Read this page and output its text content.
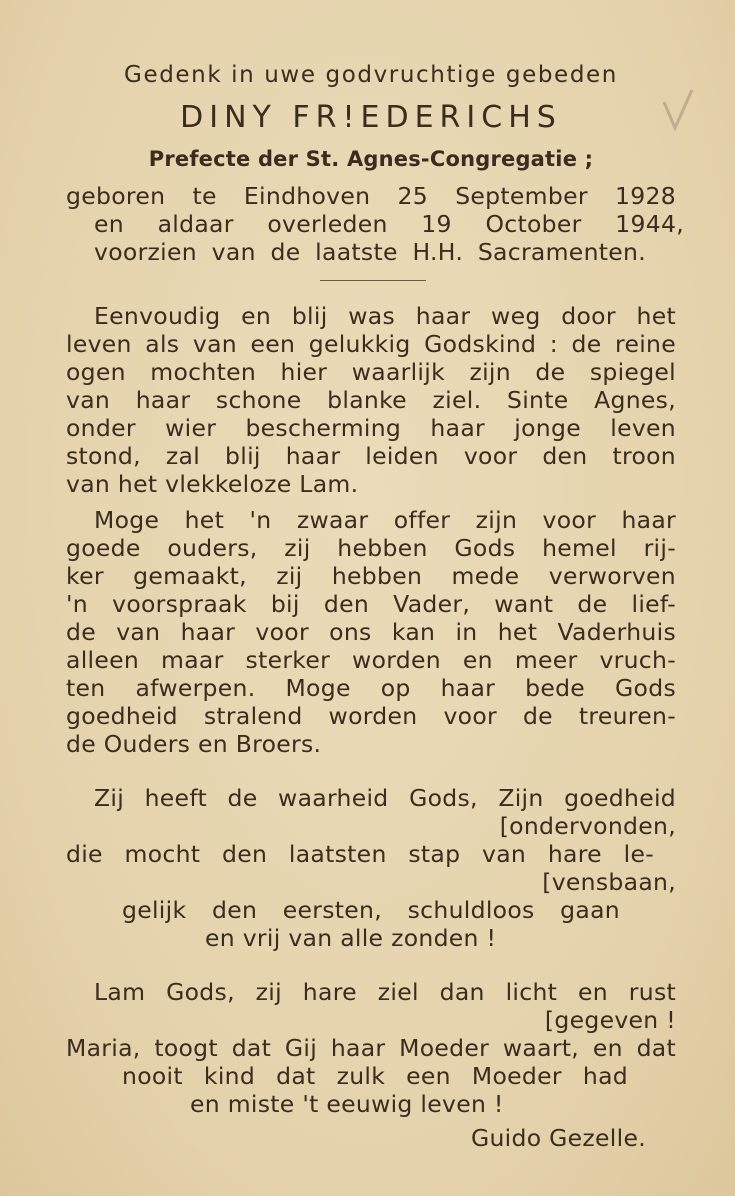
Gedenk in uwe godvruchtige gebeden
DINY FR!EDERICHS
Prefecte der St. Agnes-Congregatie ;
geboren te Eindhoven 25 September 1928
en aldaar overleden 19 October 1944,
voorzien van de laatste H.H. Sacramenten.
Eenvoudig en blij was haar weg door het
leven als van een gelukkig Godskind : de reine
ogen mochten hier waarlijk zijn de spiegel
van haar schone blanke ziel. Sinte Agnes,
onder wier bescherming haar jonge leven
stond, zal blij haar leiden voor den troon
van het vlekkeloze Lam.
Moge het 'n zwaar offer zijn voor haar
goede ouders, zij hebben Gods hemel rij-
ker gemaakt, zij hebben mede verworven
'n voorspraak bij den Vader, want de lief-
de van haar voor ons kan in het Vaderhuis
alleen maar sterker worden en meer vruch-
ten afwerpen. Moge op haar bede Gods
goedheid stralend worden voor de treuren-
de Ouders en Broers.
Zij heeft de waarheid Gods, Zijn goedheid
[ondervonden,
die mocht den laatsten stap van hare le-
[vensbaan,
gelijk den eersten, schuldloos gaan
en vrij van alle zonden !
Lam Gods, zij hare ziel dan licht en rust
[gegeven !
Maria, toogt dat Gij haar Moeder waart, en dat
nooit kind dat zulk een Moeder had
en miste 't eeuwig leven !
Guido Gezelle.
